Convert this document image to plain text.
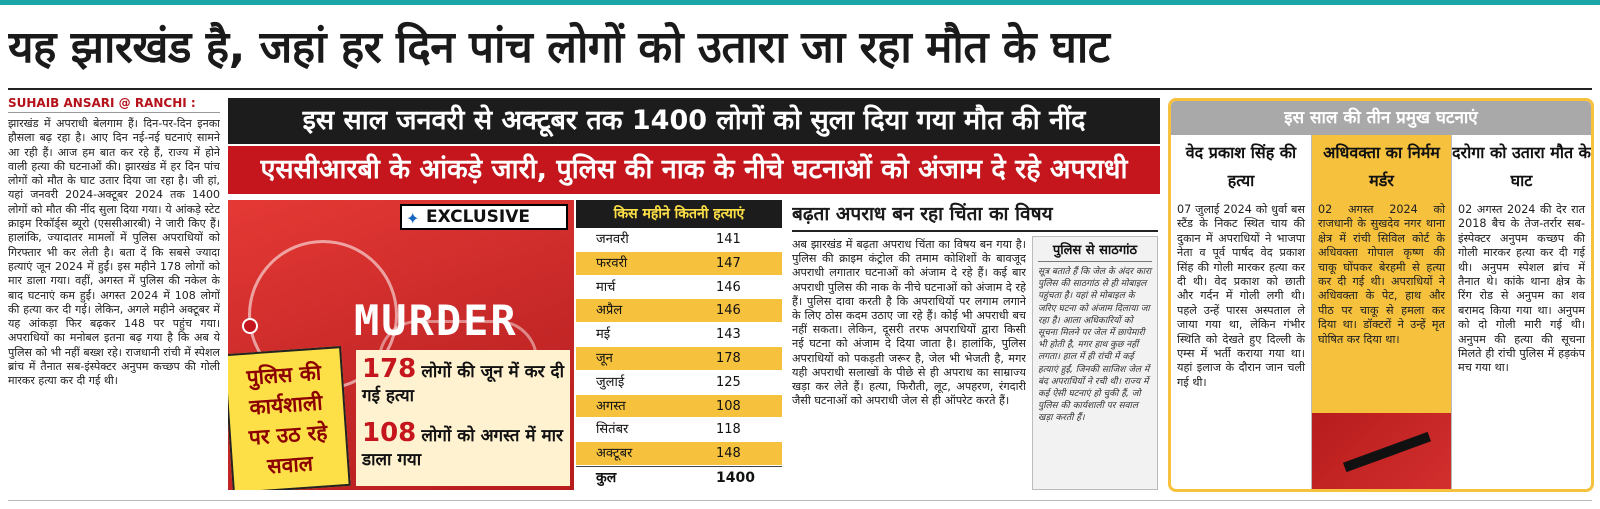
यह झारखंड है, जहां हर दिन पांच लोगों को उतारा जा रहा मौत के घाट
SUHAIB ANSARI @ RANCHI :

झारखंड में अपराधी बेलगाम हैं। दिन-पर-दिन इनका हौसला बढ़ रहा है। आए दिन नई-नई घटनाएं सामने आ रही हैं। आज हम बात कर रहे हैं, राज्य में होने वाली हत्या की घटनाओं की। झारखंड में हर दिन पांच लोगों को मौत के घाट उतार दिया जा रहा है। जी हां, यहां जनवरी 2024-अक्टूबर 2024 तक 1400 लोगों को मौत की नींद सुला दिया गया। ये आंकड़े स्टेट क्राइम रिकॉर्ड्स ब्यूरो (एससीआरबी) ने जारी किए हैं। हालांकि, ज्यादातर मामलों में पुलिस अपराधियों को गिरफ्तार भी कर लेती है। बता दें कि सबसे ज्यादा हत्याएं जून 2024 में हुईं। इस महीने 178 लोगों को मार डाला गया। वहीं, अगस्त में पुलिस की नकेल के बाद घटनाएं कम हुईं। अगस्त 2024 में 108 लोगों की हत्या कर दी गई। लेकिन, अगले महीने अक्टूबर में यह आंकड़ा फिर बढ़कर 148 पर पहुंच गया। अपराधियों का मनोबल इतना बढ़ गया है कि अब ये पुलिस को भी नहीं बख्श रहे। राजधानी रांची में स्पेशल ब्रांच में तैनात सब-इंस्पेक्टर अनुपम कच्छप की गोली मारकर हत्या कर दी गई थी।

इस साल जनवरी से अक्टूबर तक 1400 लोगों को सुला दिया गया मौत की नींद
एससीआरबी के आंकड़े जारी, पुलिस की नाक के नीचे घटनाओं को अंजाम दे रहे अपराधी
✦ EXCLUSIVE
MURDER
पुलिस की कार्यशाली पर उठ रहे सवाल
178 लोगों की जून में कर दी गई हत्या
108 लोगों को अगस्त में मार डाला गया
किस महीने कितनी हत्याएं
जनवरी	141
फरवरी	147
मार्च	146
अप्रैल	146
मई	143
जून	178
जुलाई	125
अगस्त	108
सितंबर	118
अक्टूबर	148
कुल	1400
बढ़ता अपराध बन रहा चिंता का विषय

अब झारखंड में बढ़ता अपराध चिंता का विषय बन गया है। पुलिस की क्राइम कंट्रोल की तमाम कोशिशों के बावजूद अपराधी लगातार घटनाओं को अंजाम दे रहे हैं। कई बार अपराधी पुलिस की नाक के नीचे घटनाओं को अंजाम दे रहे हैं। पुलिस दावा करती है कि अपराधियों पर लगाम लगाने के लिए ठोस कदम उठाए जा रहे हैं। कोई भी अपराधी बच नहीं सकता। लेकिन, दूसरी तरफ अपराधियों द्वारा किसी नई घटना को अंजाम दे दिया जाता है। हालांकि, पुलिस अपराधियों को पकड़ती जरूर है, जेल भी भेजती है, मगर यही अपराधी सलाखों के पीछे से ही अपराध का साम्राज्य खड़ा कर लेते हैं। हत्या, फिरौती, लूट, अपहरण, रंगदारी जैसी घटनाओं को अपराधी जेल से ही ऑपरेट करते हैं।

पुलिस से साठगांठ

सूत्र बताते हैं कि जेल के अंदर कारा पुलिस की साठगांठ से ही मोबाइल पहुंचता है। यहां से मोबाइल के जरिए घटना को अंजाम दिलाया जा रहा है। आला अधिकारियों को सूचना मिलने पर जेल में छापेमारी भी होती है, मगर हाथ कुछ नहीं लगता। हाल में ही रांची में कई हत्याएं हुईं, जिनकी साजिश जेल में बंद अपराधियों ने रची थी। राज्य में कई ऐसी घटनाएं हो चुकी हैं, जो पुलिस की कार्यशाली पर सवाल खड़ा करती हैं।

इस साल की तीन प्रमुख घटनाएं
वेद प्रकाश सिंह की हत्या

07 जुलाई 2024 को धुर्वा बस स्टैंड के निकट स्थित चाय की दुकान में अपराधियों ने भाजपा नेता व पूर्व पार्षद वेद प्रकाश सिंह की गोली मारकर हत्या कर दी थी। वेद प्रकाश को छाती और गर्दन में गोली लगी थी। पहले उन्हें पारस अस्पताल ले जाया गया था, लेकिन गंभीर स्थिति को देखते हुए दिल्ली के एम्स में भर्ती कराया गया था। यहां इलाज के दौरान जान चली गई थी।

अधिवक्ता का निर्मम मर्डर

02 अगस्त 2024 को राजधानी के सुखदेव नगर थाना क्षेत्र में रांची सिविल कोर्ट के अधिवक्ता गोपाल कृष्ण की चाकू घोंपकर बेरहमी से हत्या कर दी गई थी। अपराधियों ने अधिवक्ता के पेट, हाथ और पीठ पर चाकू से हमला कर दिया था। डॉक्टरों ने उन्हें मृत घोषित कर दिया था।

दरोगा को उतारा मौत के घाट

02 अगस्त 2024 की देर रात 2018 बैच के तेज-तर्रार सब-इंस्पेक्टर अनुपम कच्छप की गोली मारकर हत्या कर दी गई थी। अनुपम स्पेशल ब्रांच में तैनात थे। कांके थाना क्षेत्र के रिंग रोड से अनुपम का शव बरामद किया गया था। अनुपम को दो गोली मारी गई थी। अनुपम की हत्या की सूचना मिलते ही रांची पुलिस में हड़कंप मच गया था।
